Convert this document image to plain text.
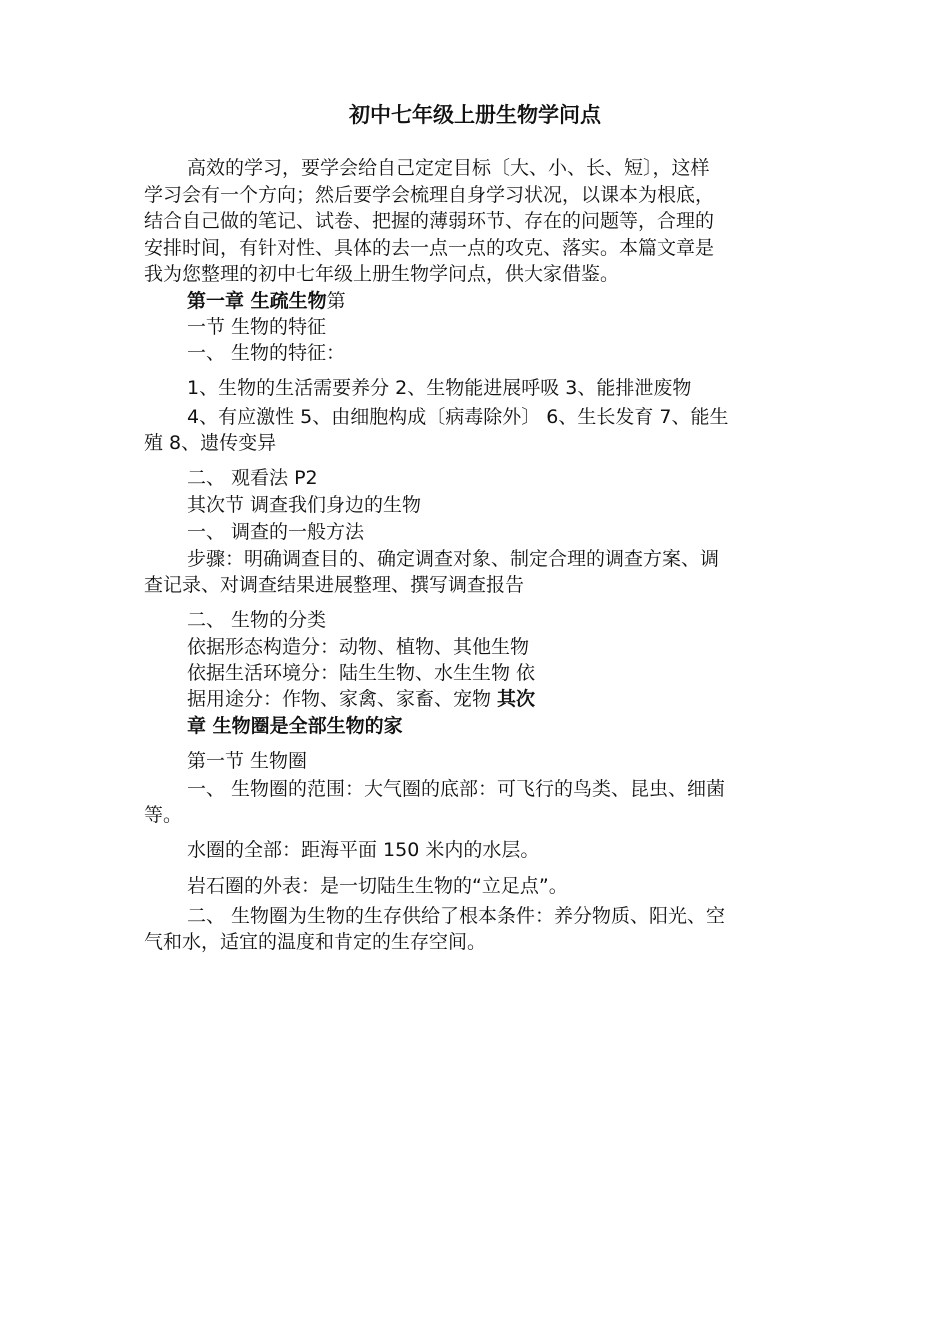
初中七年级上册生物学问点

高效的学习，要学会给自己定定目标〔大、小、长、短〕，这样

学习会有一个方向；然后要学会梳理自身学习状况，以课本为根底，

结合自己做的笔记、试卷、把握的薄弱环节、存在的问题等，合理的

安排时间，有针对性、具体的去一点一点的攻克、落实。本篇文章是

我为您整理的初中七年级上册生物学问点，供大家借鉴。

第一章 生疏生物第

一节 生物的特征

一、 生物的特征：

1、生物的生活需要养分 2、生物能进展呼吸 3、能排泄废物

4、有应激性 5、由细胞构成〔病毒除外〕 6、生长发育 7、能生

殖 8、遗传变异

二、 观看法 P2

其次节 调查我们身边的生物

一、 调查的一般方法

步骤：明确调查目的、确定调查对象、制定合理的调查方案、调

查记录、对调查结果进展整理、撰写调查报告

二、 生物的分类

依据形态构造分：动物、植物、其他生物

依据生活环境分：陆生生物、水生生物 依

据用途分：作物、家禽、家畜、宠物 其次

章 生物圈是全部生物的家

第一节 生物圈

一、 生物圈的范围：大气圈的底部：可飞行的鸟类、昆虫、细菌

等。

水圈的全部：距海平面 150 米内的水层。

岩石圈的外表：是一切陆生生物的“立足点”。

二、 生物圈为生物的生存供给了根本条件：养分物质、阳光、空

气和水，适宜的温度和肯定的生存空间。
